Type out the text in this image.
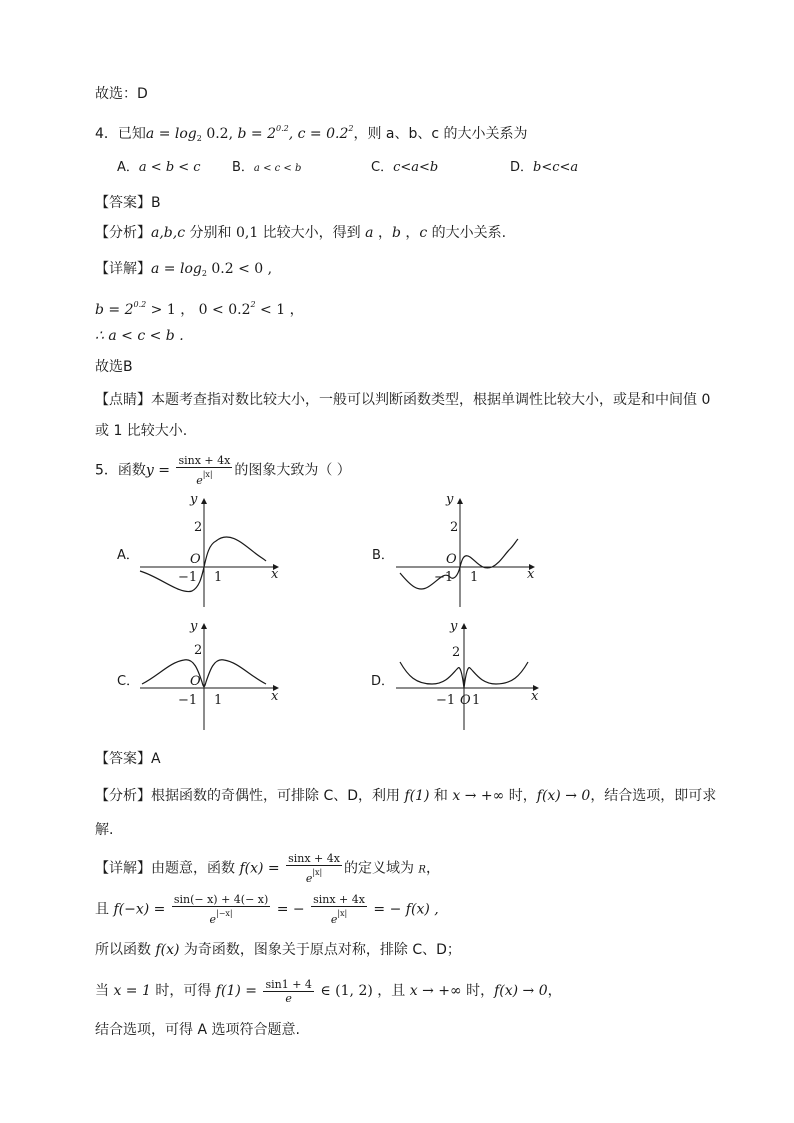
故选：D
4．已知$a = \log_2 0.2$, $b = 2^{0.2}$, $c = 0.2^2$，则 a、b、c 的大小关系为
A．a < b < c B．a < c < b	C．c<a<b	D．b<c<a
【答案】B
【分析】a,b,c 分别和 0,1 比较大小，得到 a ，b ，c 的大小关系.
【详解】$a = \log_2 0.2 < 0$ ,
$b = 2^{0.2} > 1$ ， $0 < 0.2^2 < 1$ ，
∴ a < c < b .
故选B
【点睛】本题考查指对数比较大小，一般可以判断函数类型，根据单调性比较大小，或是和中间值 0
或 1 比较大小.
5．函数$y = \frac{\sin x + 4x}{e^{|x|}}$ 的图象大致为（ ）
A．
y
x
2
O
−1 1
B．
y
x
2
O
−1 1
C．
y
x
2
O
−1 1
D．
y
x
2
O
−1 1
【答案】A
【分析】根据函数的奇偶性，可排除 C、D，利用 f(1) 和 x → +∞ 时，f(x) → 0，结合选项，即可求
解.
【详解】由题意，函数 $f(x) = \frac{\sin x + 4x}{e^{|x|}}$ 的定义域为 R，
且 $f(-x) = \frac{\sin(- x) + 4(- x)}{e^{|-x|}}$ = − $\frac{\sin x + 4x}{e^{|x|}}$ = − f(x) ,
所以函数 f(x) 为奇函数，图象关于原点对称，排除 C、D；
当 x = 1 时，可得 $f(1) = \frac{\sin 1 + 4}{e}$ ∈ (1, 2) ，且 x → +∞ 时，f(x) → 0，
结合选项，可得 A 选项符合题意.
